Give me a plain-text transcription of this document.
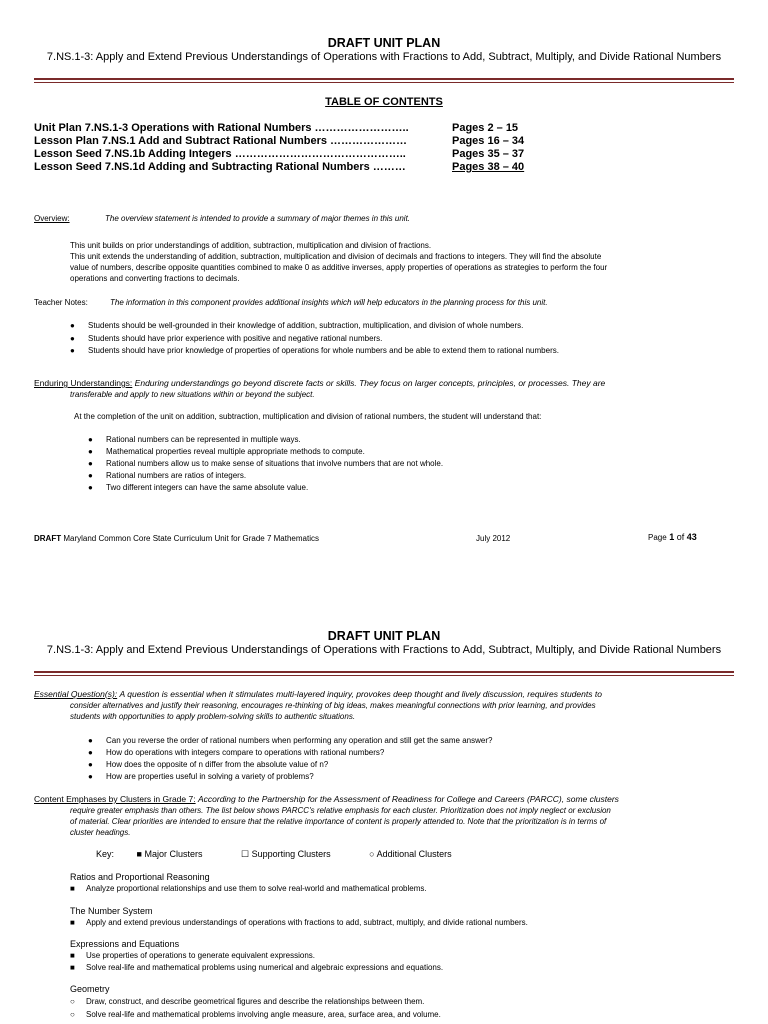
DRAFT UNIT PLAN
7.NS.1-3: Apply and Extend Previous Understandings of Operations with Fractions to Add, Subtract, Multiply, and Divide Rational Numbers
TABLE OF CONTENTS
Unit Plan 7.NS.1-3 Operations with Rational Numbers ……………………..	Pages 2 – 15
Lesson Plan 7.NS.1 Add and Subtract Rational Numbers …………………	Pages 16 – 34
Lesson Seed 7.NS.1b Adding Integers ………………………………………..	Pages 35 – 37
Lesson Seed 7.NS.1d Adding and Subtracting Rational Numbers ………	Pages 38 – 40
Overview:	The overview statement is intended to provide a summary of major themes in this unit.
This unit builds on prior understandings of addition, subtraction, multiplication and division of fractions.
This unit extends the understanding of addition, subtraction, multiplication and division of decimals and fractions to integers. They will find the absolute
value of numbers, describe opposite quantities combined to make 0 as additive inverses, apply properties of operations as strategies to perform the four
operations and converting fractions to decimals.
Teacher Notes:	The information in this component provides additional insights which will help educators in the planning process for this unit.
●	Students should be well-grounded in their knowledge of addition, subtraction, multiplication, and division of whole numbers.
●	Students should have prior experience with positive and negative rational numbers.
●	Students should have prior knowledge of properties of operations for whole numbers and be able to extend them to rational numbers.
Enduring Understandings: Enduring understandings go beyond discrete facts or skills. They focus on larger concepts, principles, or processes. They are
transferable and apply to new situations within or beyond the subject.
At the completion of the unit on addition, subtraction, multiplication and division of rational numbers, the student will understand that:
●	Rational numbers can be represented in multiple ways.
●	Mathematical properties reveal multiple appropriate methods to compute.
●	Rational numbers allow us to make sense of situations that involve numbers that are not whole.
●	Rational numbers are ratios of integers.
●	Two different integers can have the same absolute value.
DRAFT Maryland Common Core State Curriculum Unit for Grade 7 Mathematics	July 2012	Page 1 of 43
DRAFT UNIT PLAN
7.NS.1-3: Apply and Extend Previous Understandings of Operations with Fractions to Add, Subtract, Multiply, and Divide Rational Numbers
Essential Question(s): A question is essential when it stimulates multi-layered inquiry, provokes deep thought and lively discussion, requires students to
consider alternatives and justify their reasoning, encourages re-thinking of big ideas, makes meaningful connections with prior learning, and provides
students with opportunities to apply problem-solving skills to authentic situations.
●	Can you reverse the order of rational numbers when performing any operation and still get the same answer?
●	How do operations with integers compare to operations with rational numbers?
●	How does the opposite of n differ from the absolute value of n?
●	How are properties useful in solving a variety of problems?
Content Emphases by Clusters in Grade 7: According to the Partnership for the Assessment of Readiness for College and Careers (PARCC), some clusters
require greater emphasis than others. The list below shows PARCC's relative emphasis for each cluster. Prioritization does not imply neglect or exclusion
of material. Clear priorities are intended to ensure that the relative importance of content is properly attended to. Note that the prioritization is in terms of
cluster headings.
Key:	■ Major Clusters	☐ Supporting Clusters	○ Additional Clusters
Ratios and Proportional Reasoning
■ Analyze proportional relationships and use them to solve real-world and mathematical problems.
The Number System
■ Apply and extend previous understandings of operations with fractions to add, subtract, multiply, and divide rational numbers.
Expressions and Equations
■ Use properties of operations to generate equivalent expressions.
■ Solve real-life and mathematical problems using numerical and algebraic expressions and equations.
Geometry
○ Draw, construct, and describe geometrical figures and describe the relationships between them.
○ Solve real-life and mathematical problems involving angle measure, area, surface area, and volume.
